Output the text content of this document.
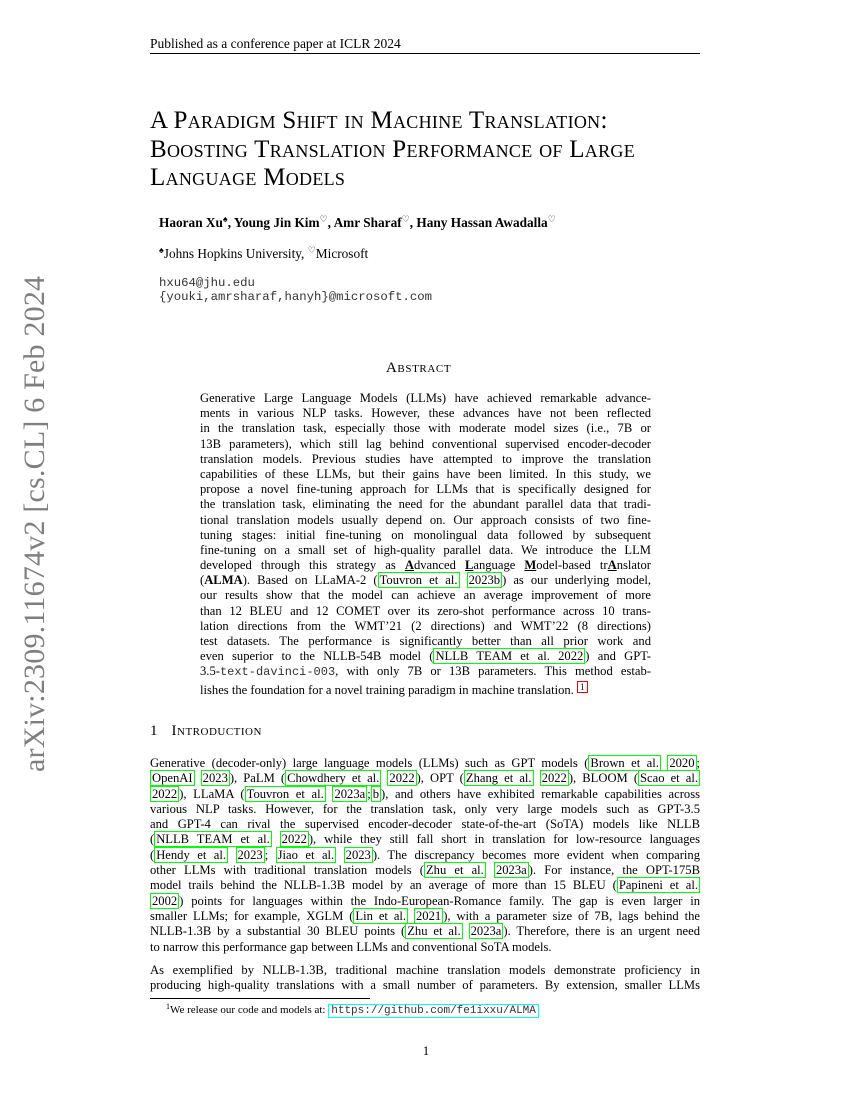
Published as a conference paper at ICLR 2024
arXiv:2309.11674v2 [cs.CL] 6 Feb 2024
A Paradigm Shift in Machine Translation:
Boosting Translation Performance of Large
Language Models
Haoran Xu♠, Young Jin Kim♡, Amr Sharaf♡, Hany Hassan Awadalla♡
♠Johns Hopkins University, ♡Microsoft
hxu64@jhu.edu
{youki,amrsharaf,hanyh}@microsoft.com
Abstract
Generative Large Language Models (LLMs) have achieved remarkable advance-
ments in various NLP tasks. However, these advances have not been reflected
in the translation task, especially those with moderate model sizes (i.e., 7B or
13B parameters), which still lag behind conventional supervised encoder-decoder
translation models. Previous studies have attempted to improve the translation
capabilities of these LLMs, but their gains have been limited. In this study, we
propose a novel fine-tuning approach for LLMs that is specifically designed for
the translation task, eliminating the need for the abundant parallel data that tradi-
tional translation models usually depend on. Our approach consists of two fine-
tuning stages: initial fine-tuning on monolingual data followed by subsequent
fine-tuning on a small set of high-quality parallel data. We introduce the LLM
developed through this strategy as Advanced Language Model-based trAnslator
(ALMA). Based on LLaMA-2 ( Touvron et al. 2023b ) as our underlying model,
our results show that the model can achieve an average improvement of more
than 12 BLEU and 12 COMET over its zero-shot performance across 10 trans-
lation directions from the WMT’21 (2 directions) and WMT’22 (8 directions)
test datasets. The performance is significantly better than all prior work and
even superior to the NLLB-54B model ( NLLB TEAM et al. 2022 ) and GPT-
3.5-text-davinci-003, with only 7B or 13B parameters. This method estab-
lishes the foundation for a novel training paradigm in machine translation. $^1$
1 Introduction
Generative (decoder-only) large language models (LLMs) such as GPT models ( Brown et al. 2020 ;
OpenAI 2023 ), PaLM ( Chowdhery et al. 2022 ), OPT ( Zhang et al. 2022 ), BLOOM ( Scao et al.
2022 ), LLaMA ( Touvron et al. 2023a ; b ), and others have exhibited remarkable capabilities across
various NLP tasks. However, for the translation task, only very large models such as GPT-3.5
and GPT-4 can rival the supervised encoder-decoder state-of-the-art (SoTA) models like NLLB
( NLLB TEAM et al. 2022 ), while they still fall short in translation for low-resource languages
( Hendy et al. 2023 ; Jiao et al. 2023 ). The discrepancy becomes more evident when comparing
other LLMs with traditional translation models ( Zhu et al. 2023a ). For instance, the OPT-175B
model trails behind the NLLB-1.3B model by an average of more than 15 BLEU ( Papineni et al.
2002 ) points for languages within the Indo-European-Romance family. The gap is even larger in
smaller LLMs; for example, XGLM ( Lin et al. 2021 ), with a parameter size of 7B, lags behind the
NLLB-1.3B by a substantial 30 BLEU points ( Zhu et al. 2023a ). Therefore, there is an urgent need
to narrow this performance gap between LLMs and conventional SoTA models.
As exemplified by NLLB-1.3B, traditional machine translation models demonstrate proficiency in
producing high-quality translations with a small number of parameters. By extension, smaller LLMs
$^1$We release our code and models at: https://github.com/fe1ixxu/ALMA
1
